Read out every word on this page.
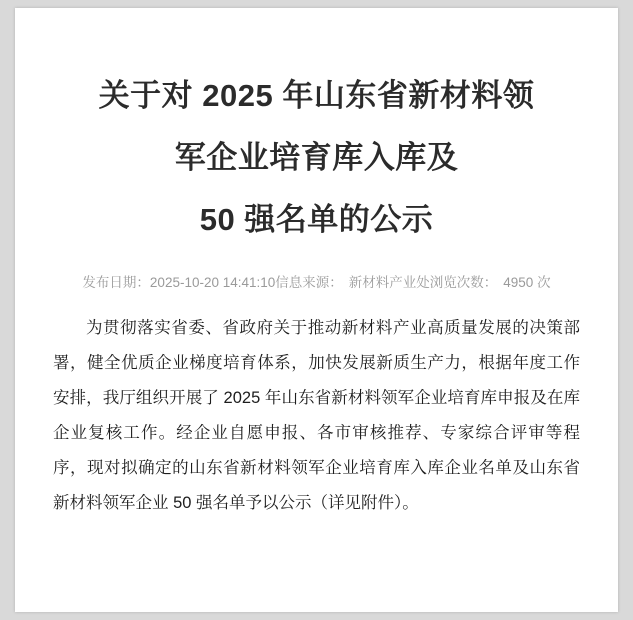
关于对 2025 年山东省新材料领
军企业培育库入库及
50 强名单的公示
发布日期：2025-10-20 14:41:10信息来源： 新材料产业处浏览次数： 4950 次

为贯彻落实省委、省政府关于推动新材料产业高质量发展的决策部署，健全优质企业梯度培育体系，加快发展新质生产力，根据年度工作安排，我厅组织开展了 2025 年山东省新材料领军企业培育库申报及在库企业复核工作。经企业自愿申报、各市审核推荐、专家综合评审等程序，现对拟确定的山东省新材料领军企业培育库入库企业名单及山东省新材料领军企业 50 强名单予以公示（详见附件）。
